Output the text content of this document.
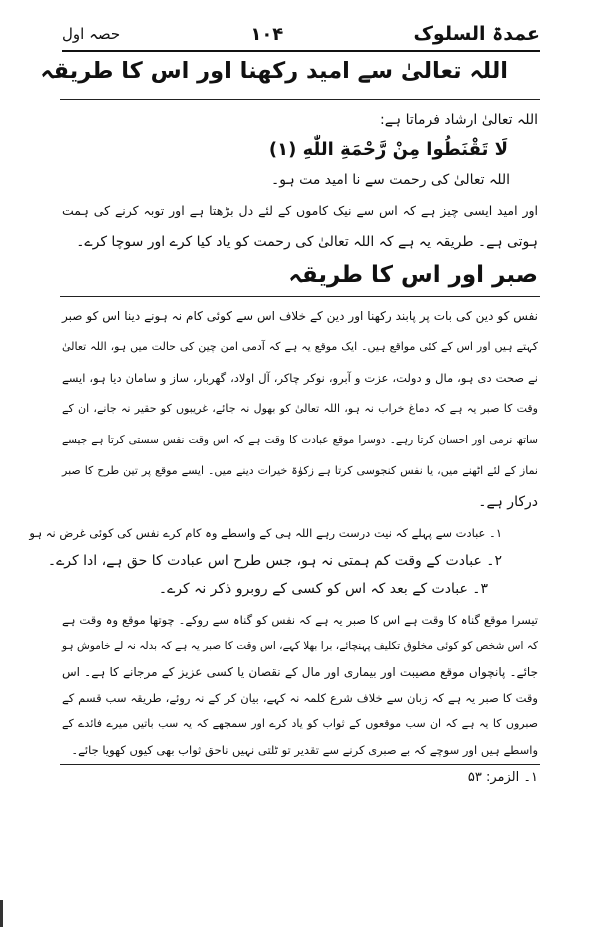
عمدۃ السلوک
۱۰۴
حصہ اول
اللہ تعالیٰ سے امید رکھنا اور اس کا طریقہ
اللہ تعالیٰ ارشاد فرماتا ہے:
لَا تَقْنَطُوا مِنْ رَّحْمَةِ اللّٰهِ (١)
اللہ تعالیٰ کی رحمت سے نا امید مت ہو۔
اور امید ایسی چیز ہے کہ اس سے نیک کاموں کے لئے دل بڑھتا ہے اور توبہ کرنے کی ہمت
ہوتی ہے۔ طریقہ یہ ہے کہ اللہ تعالیٰ کی رحمت کو یاد کیا کرے اور سوچا کرے۔
صبر اور اس کا طریقہ
نفس کو دین کی بات پر پابند رکھنا اور دین کے خلاف اس سے کوئی کام نہ ہونے دینا اس کو صبر
کہتے ہیں اور اس کے کئی مواقع ہیں۔ ایک موقع یہ ہے کہ آدمی امن چین کی حالت میں ہو، اللہ تعالیٰ
نے صحت دی ہو، مال و دولت، عزت و آبرو، نوکر چاکر، آل اولاد، گھربار، ساز و سامان دیا ہو، ایسے
وقت کا صبر یہ ہے کہ دماغ خراب نہ ہو، اللہ تعالیٰ کو بھول نہ جائے، غریبوں کو حقیر نہ جانے، ان کے
ساتھ نرمی اور احسان کرتا رہے۔ دوسرا موقع عبادت کا وقت ہے کہ اس وقت نفس سستی کرتا ہے جیسے
نماز کے لئے اٹھنے میں، یا نفس کنجوسی کرتا ہے زکوٰۃ خیرات دینے میں۔ ایسے موقع پر تین طرح کا صبر
درکار ہے۔
۱۔ عبادت سے پہلے کہ نیت درست رہے اللہ ہی کے واسطے وہ کام کرے نفس کی کوئی غرض نہ ہو
۲۔ عبادت کے وقت کم ہمتی نہ ہو، جس طرح اس عبادت کا حق ہے، ادا کرے۔
۳۔ عبادت کے بعد کہ اس کو کسی کے روبرو ذکر نہ کرے۔
تیسرا موقع گناہ کا وقت ہے اس کا صبر یہ ہے کہ نفس کو گناہ سے روکے۔ چوتھا موقع وہ وقت ہے
کہ اس شخص کو کوئی مخلوق تکلیف پہنچائے، برا بھلا کہے، اس وقت کا صبر یہ ہے کہ بدلہ نہ لے خاموش ہو
جائے۔ پانچواں موقع مصیبت اور بیماری اور مال کے نقصان یا کسی عزیز کے مرجانے کا ہے۔ اس
وقت کا صبر یہ ہے کہ زبان سے خلاف شرع کلمہ نہ کہے، بیان کر کے نہ روئے، طریقہ سب قسم کے
صبروں کا یہ ہے کہ ان سب موقعوں کے ثواب کو یاد کرے اور سمجھے کہ یہ سب باتیں میرے فائدے کے
واسطے ہیں اور سوچے کہ بے صبری کرنے سے تقدیر تو ٹلتی نہیں ناحق ثواب بھی کیوں کھویا جائے۔
١۔ الزمر: ۵۳
